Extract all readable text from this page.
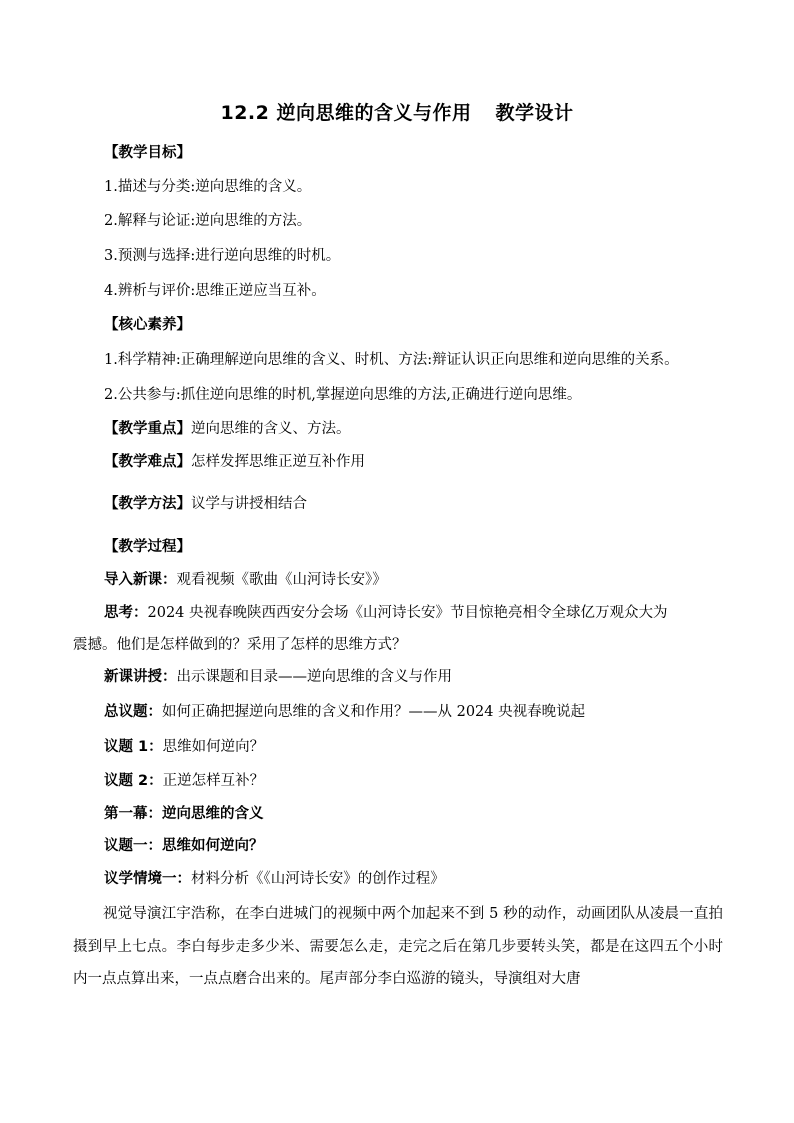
12.2 逆向思维的含义与作用 教学设计
【教学目标】
1.描述与分类:逆向思维的含义。
2.解释与论证:逆向思维的方法。
3.预测与选择:进行逆向思维的时机。
4.辨析与评价:思维正逆应当互补。
【核心素养】
1.科学精神:正确理解逆向思维的含义、时机、方法:辩证认识正向思维和逆向思维的关系。
2.公共参与:抓住逆向思维的时机,掌握逆向思维的方法,正确进行逆向思维。
【教学重点】逆向思维的含义、方法。
【教学难点】怎样发挥思维正逆互补作用
【教学方法】议学与讲授相结合
【教学过程】
导入新课：观看视频《歌曲《山河诗长安》》
思考：2024 央视春晚陕西西安分会场《山河诗长安》节目惊艳亮相令全球亿万观众大为
震撼。他们是怎样做到的？采用了怎样的思维方式？
新课讲授：出示课题和目录——逆向思维的含义与作用
总议题：如何正确把握逆向思维的含义和作用？——从 2024 央视春晚说起
议题 1：思维如何逆向？
议题 2：正逆怎样互补？
第一幕：逆向思维的含义
议题一：思维如何逆向？
议学情境一：材料分析《《山河诗长安》的创作过程》
视觉导演江宇浩称，在李白进城门的视频中两个加起来不到 5 秒的动作，动画团队从凌晨一直拍摄到早上七点。李白每步走多少米、需要怎么走，走完之后在第几步要转头笑，都是在这四五个小时内一点点算出来，一点点磨合出来的。尾声部分李白巡游的镜头，导演组对大唐
